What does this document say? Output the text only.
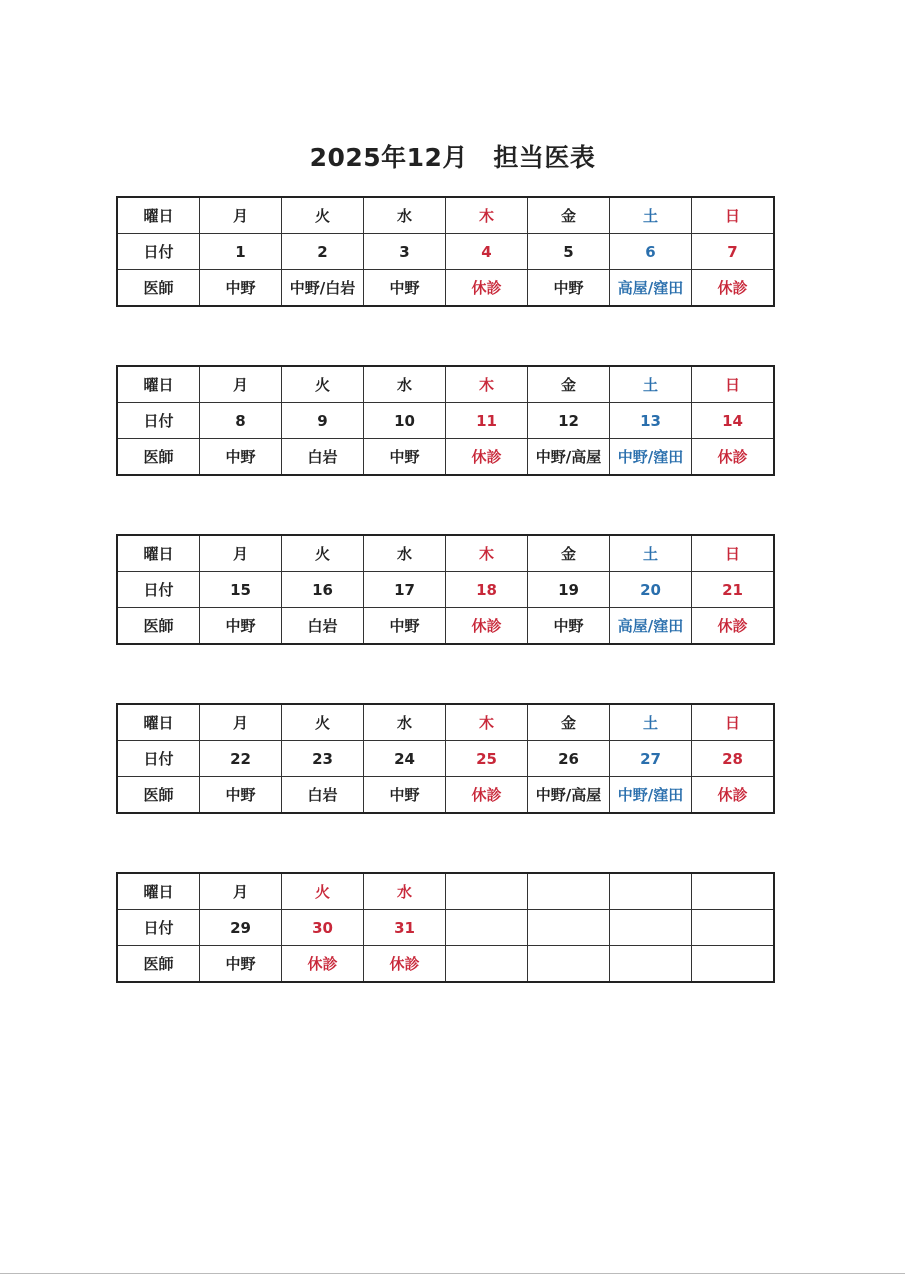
2025年12月　担当医表
曜日	月	火	水	木	金	土	日
日付	1	2	3	4	5	6	7
医師	中野	中野/白岩	中野	休診	中野	高屋/窪田	休診
曜日	月	火	水	木	金	土	日
日付	8	9	10	11	12	13	14
医師	中野	白岩	中野	休診	中野/高屋	中野/窪田	休診
曜日	月	火	水	木	金	土	日
日付	15	16	17	18	19	20	21
医師	中野	白岩	中野	休診	中野	高屋/窪田	休診
曜日	月	火	水	木	金	土	日
日付	22	23	24	25	26	27	28
医師	中野	白岩	中野	休診	中野/高屋	中野/窪田	休診
曜日	月	火	水				
日付	29	30	31				
医師	中野	休診	休診				
